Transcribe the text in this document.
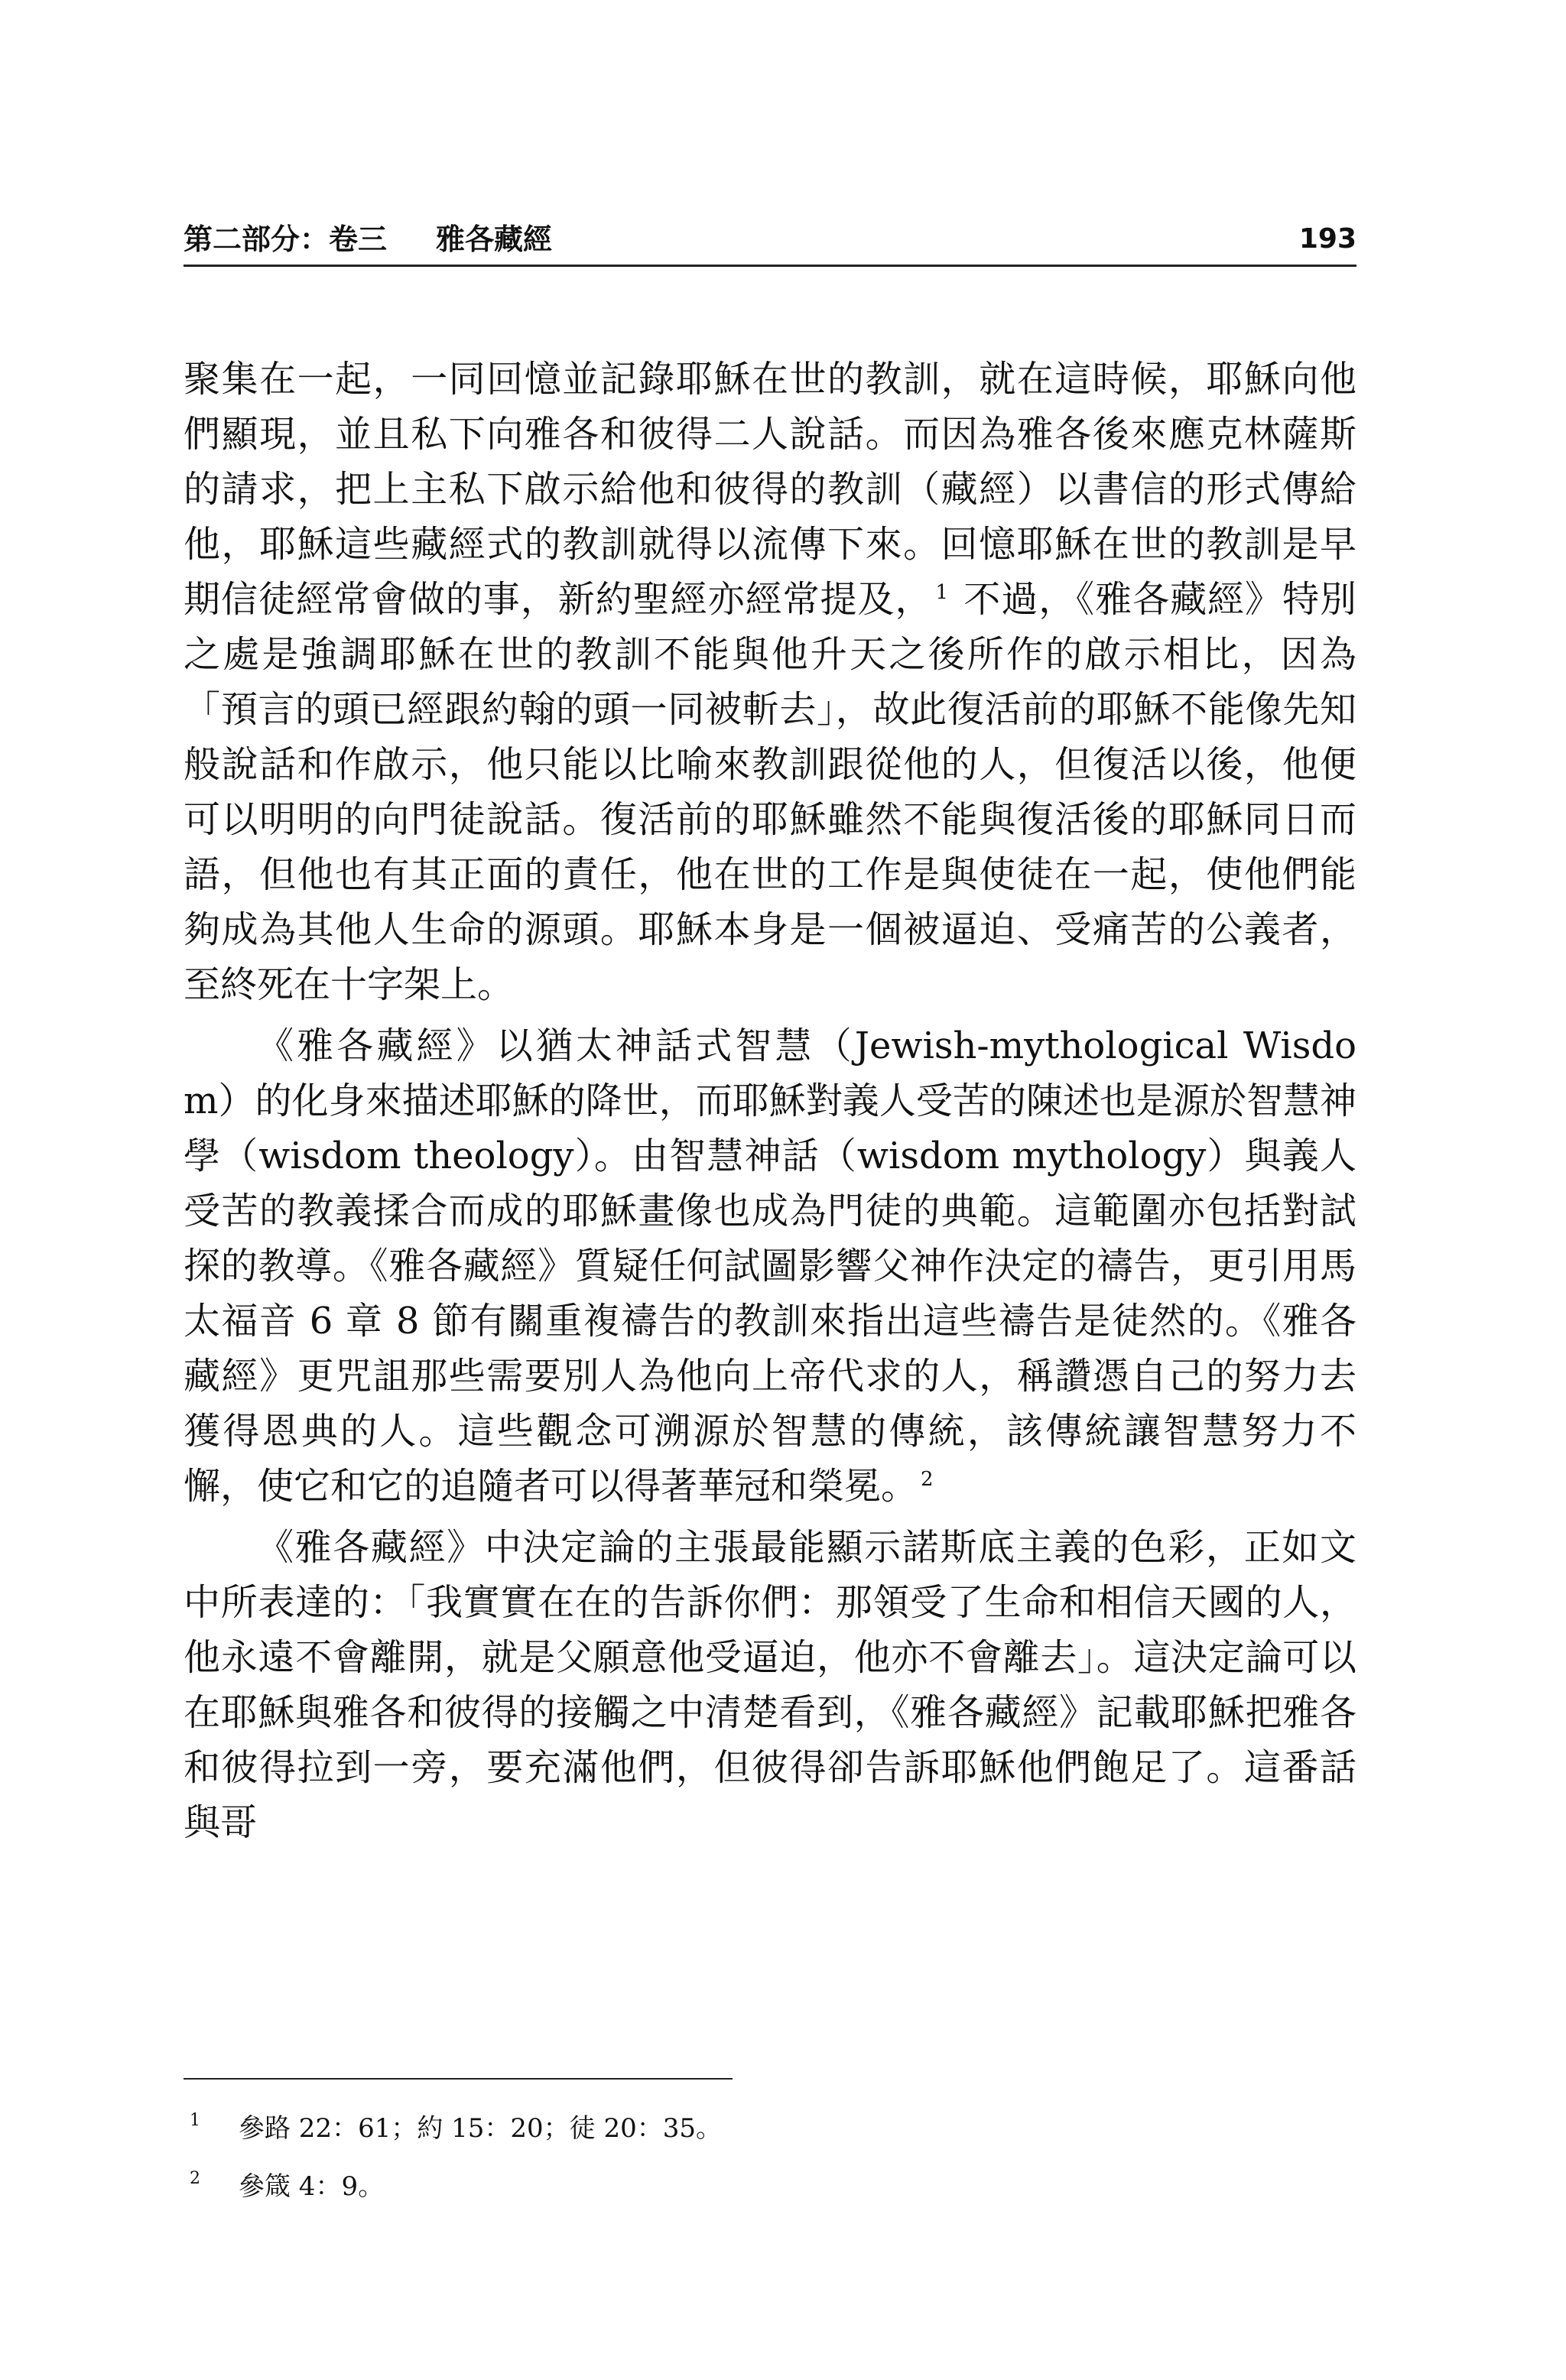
第二部分：卷三 雅各藏經	193

聚集在一起，一同回憶並記錄耶穌在世的教訓，就在這時候，耶穌向他們顯現，並且私下向雅各和彼得二人說話。而因為雅各後來應克林薩斯的請求，把上主私下啟示給他和彼得的教訓（藏經）以書信的形式傳給他，耶穌這些藏經式的教訓就得以流傳下來。回憶耶穌在世的教訓是早期信徒經常會做的事，新約聖經亦經常提及， $^1$ 不過，《雅各藏經》特別之處是強調耶穌在世的教訓不能與他升天之後所作的啟示相比，因為「預言的頭已經跟約翰的頭一同被斬去」，故此復活前的耶穌不能像先知般說話和作啟示，他只能以比喻來教訓跟從他的人，但復活以後，他便可以明明的向門徒說話。復活前的耶穌雖然不能與復活後的耶穌同日而語，但他也有其正面的責任，他在世的工作是與使徒在一起，使他們能夠成為其他人生命的源頭。耶穌本身是一個被逼迫、受痛苦的公義者，至終死在十字架上。

《雅各藏經》以猶太神話式智慧（Jewish-mythological Wisdom）的化身來描述耶穌的降世，而耶穌對義人受苦的陳述也是源於智慧神學（wisdom theology）。由智慧神話（wisdom mythology）與義人受苦的教義揉合而成的耶穌畫像也成為門徒的典範。這範圍亦包括對試探的教導。《雅各藏經》質疑任何試圖影響父神作決定的禱告，更引用馬太福音 6 章 8 節有關重複禱告的教訓來指出這些禱告是徒然的。《雅各藏經》更咒詛那些需要別人為他向上帝代求的人，稱讚憑自己的努力去獲得恩典的人。這些觀念可溯源於智慧的傳統，該傳統讓智慧努力不懈，使它和它的追隨者可以得著華冠和榮冕。 $^2$

《雅各藏經》中決定論的主張最能顯示諾斯底主義的色彩，正如文中所表達的：「我實實在在的告訴你們：那領受了生命和相信天國的人，他永遠不會離開，就是父願意他受逼迫，他亦不會離去」。這決定論可以在耶穌與雅各和彼得的接觸之中清楚看到，《雅各藏經》記載耶穌把雅各和彼得拉到一旁，要充滿他們，但彼得卻告訴耶穌他們飽足了。這番話與哥

1 參路 22：61；約 15：20；徒 20：35。
2 參箴 4：9。
